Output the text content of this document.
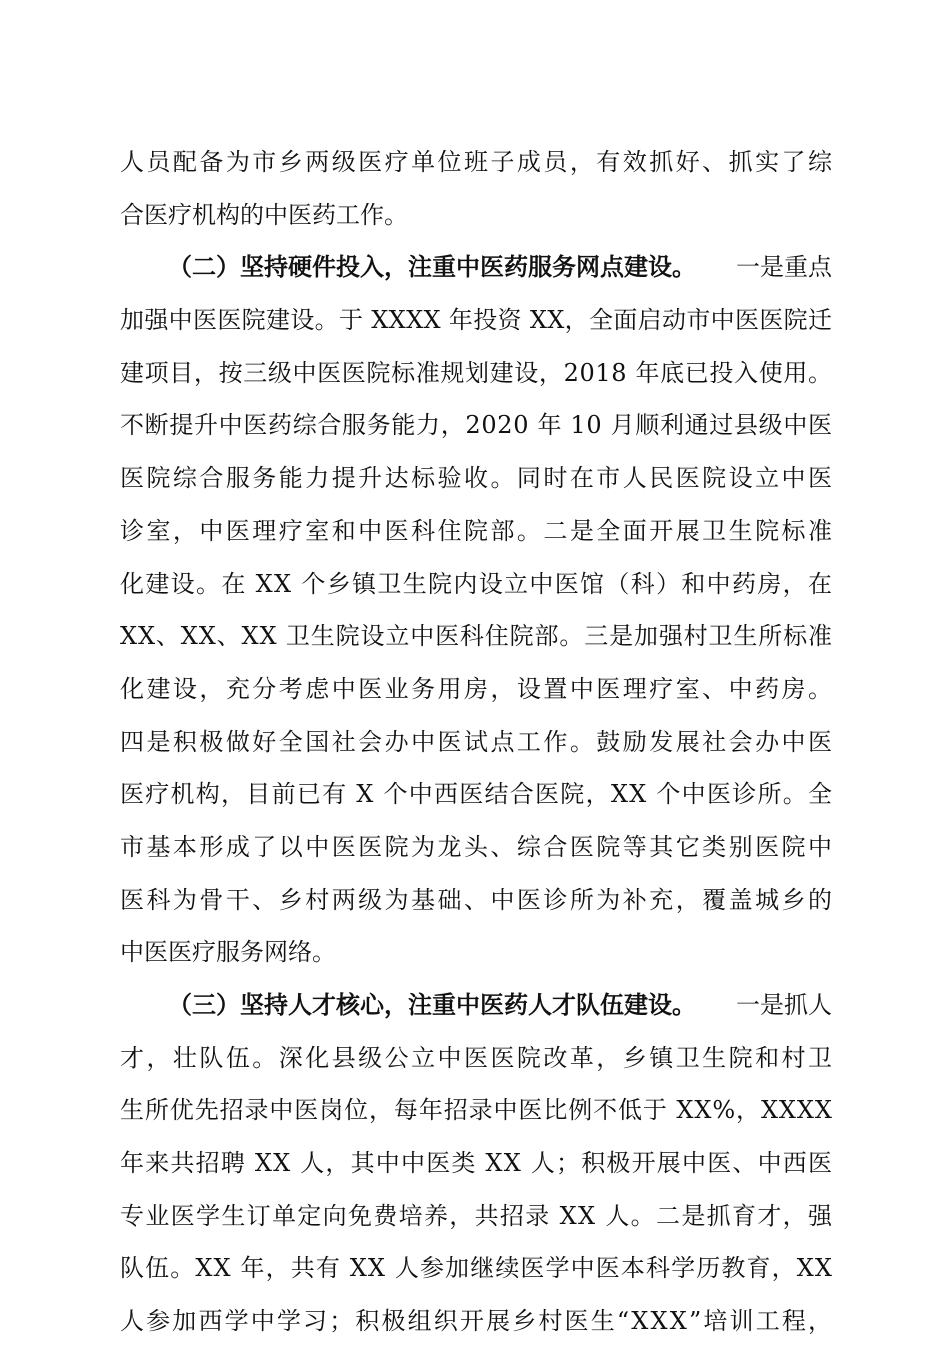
人员配备为市乡两级医疗单位班子成员，有效抓好、抓实了综
合医疗机构的中医药工作。
（二）坚持硬件投入，注重中医药服务网点建设。 一是重点
加强中医医院建设。于 XXXX 年投资 XX，全面启动市中医医院迁
建项目，按三级中医医院标准规划建设，2018 年底已投入使用。
不断提升中医药综合服务能力，2020 年 10 月顺利通过县级中医
医院综合服务能力提升达标验收。同时在市人民医院设立中医
诊室，中医理疗室和中医科住院部。二是全面开展卫生院标准
化建设。在 XX 个乡镇卫生院内设立中医馆（科）和中药房，在
XX、XX、XX 卫生院设立中医科住院部。三是加强村卫生所标准
化建设，充分考虑中医业务用房，设置中医理疗室、中药房。
四是积极做好全国社会办中医试点工作。鼓励发展社会办中医
医疗机构，目前已有 X 个中西医结合医院，XX 个中医诊所。全
市基本形成了以中医医院为龙头、综合医院等其它类别医院中
医科为骨干、乡村两级为基础、中医诊所为补充，覆盖城乡的
中医医疗服务网络。
（三）坚持人才核心，注重中医药人才队伍建设。 一是抓人
才，壮队伍。深化县级公立中医医院改革，乡镇卫生院和村卫
生所优先招录中医岗位，每年招录中医比例不低于 XX%，XXXX
年来共招聘 XX 人，其中中医类 XX 人；积极开展中医、中西医
专业医学生订单定向免费培养，共招录 XX 人。二是抓育才，强
队伍。XX 年，共有 XX 人参加继续医学中医本科学历教育，XX
人参加西学中学习；积极组织开展乡村医生“XXX”培训工程，
